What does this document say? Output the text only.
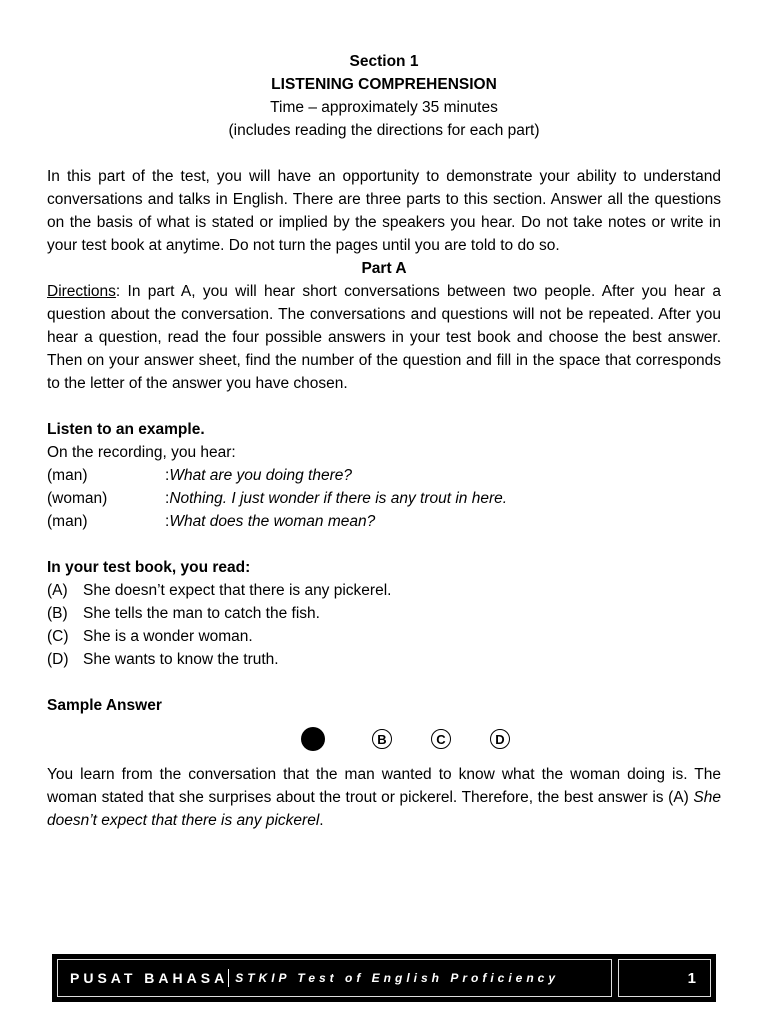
Section 1
LISTENING COMPREHENSION
Time – approximately 35 minutes
(includes reading the directions for each part)
In this part of the test, you will have an opportunity to demonstrate your ability to understand conversations and talks in English. There are three parts to this section. Answer all the questions on the basis of what is stated or implied by the speakers you hear. Do not take notes or write in your test book at anytime. Do not turn the pages until you are told to do so.
Part A
Directions: In part A, you will hear short conversations between two people. After you hear a question about the conversation. The conversations and questions will not be repeated. After you hear a question, read the four possible answers in your test book and choose the best answer. Then on your answer sheet, find the number of the question and fill in the space that corresponds to the letter of the answer you have chosen.
Listen to an example.
On the recording, you hear:
(man)	: What are you doing there?
(woman)	: Nothing. I just wonder if there is any trout in here.
(man)	: What does the woman mean?
In your test book, you read:
(A) She doesn’t expect that there is any pickerel.
(B) She tells the man to catch the fish.
(C) She is a wonder woman.
(D) She wants to know the truth.
Sample Answer
B	C	D
You learn from the conversation that the man wanted to know what the woman doing is. The woman stated that she surprises about the trout or pickerel. Therefore, the best answer is (A) She doesn’t expect that there is any pickerel.
PUSAT BAHASA STKIP Test of English Proficiency	1
